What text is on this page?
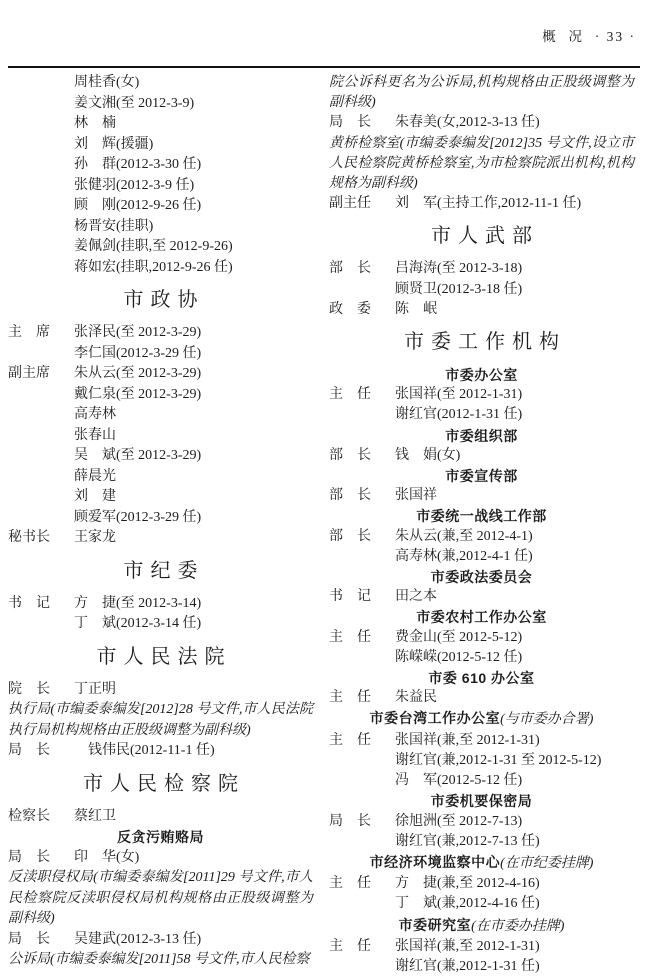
概  况 · 33 ·

周桂香(女)
姜文湘(至 2012-3-9)
林　楠
刘　辉(援疆)
孙　群(2012-3-30 任)
张健羽(2012-3-9 任)
顾　刚(2012-9-26 任)
杨晋安(挂职)
姜佩剑(挂职,至 2012-9-26)
蒋如宏(挂职,2012-9-26 任)
市政协
主　席	张泽民(至 2012-3-29)
李仁国(2012-3-29 任)
副主席	朱从云(至 2012-3-29)
戴仁泉(至 2012-3-29)
高寿林
张春山
吴　斌(至 2012-3-29)
薛晨光
刘　建
顾爱军(2012-3-29 任)
秘书长	王家龙
市纪委
书　记	方　捷(至 2012-3-14)
丁　斌(2012-3-14 任)
市人民法院
院　长	丁正明
执行局(市编委泰编发[2012]28 号文件,市人民法院执行局机构规格由正股级调整为副科级)
局　长	　钱伟民(2012-11-1 任)
市人民检察院
检察长	蔡红卫
反贪污贿赂局
局　长	印　华(女)
反渎职侵权局(市编委泰编发[2011]29 号文件,市人民检察院反渎职侵权局机构规格由正股级调整为副科级)
局　长	吴建武(2012-3-13 任)
公诉局(市编委泰编发[2011]58 号文件,市人民检察
院公诉科更名为公诉局,机构规格由正股级调整为副科级)
局　长	朱春美(女,2012-3-13 任)
黄桥检察室(市编委泰编发[2012]35 号文件,设立市人民检察院黄桥检察室,为市检察院派出机构,机构规格为副科级)
副主任	刘　军(主持工作,2012-11-1 任)
市人武部
部　长	吕海涛(至 2012-3-18)
顾贤卫(2012-3-18 任)
政　委	陈　岷
市委工作机构
市委办公室
主　任	张国祥(至 2012-1-31)
谢红官(2012-1-31 任)
市委组织部
部　长	钱　娟(女)
市委宣传部
部　长	张国祥
市委统一战线工作部
部　长	朱从云(兼,至 2012-4-1)
高寿林(兼,2012-4-1 任)
市委政法委员会
书　记	田之本
市委农村工作办公室
主　任	费金山(至 2012-5-12)
陈嵘嵘(2012-5-12 任)
市委 610 办公室
主　任	朱益民
市委台湾工作办公室(与市委办合署)
主　任	张国祥(兼,至 2012-1-31)
谢红官(兼,2012-1-31 至 2012-5-12)
冯　军(2012-5-12 任)
市委机要保密局
局　长	徐旭洲(至 2012-7-13)
谢红官(兼,2012-7-13 任)
市经济环境监察中心(在市纪委挂牌)
主　任	方　捷(兼,至 2012-4-16)
丁　斌(兼,2012-4-16 任)
市委研究室(在市委办挂牌)
主　任	张国祥(兼,至 2012-1-31)
谢红官(兼,2012-1-31 任)
